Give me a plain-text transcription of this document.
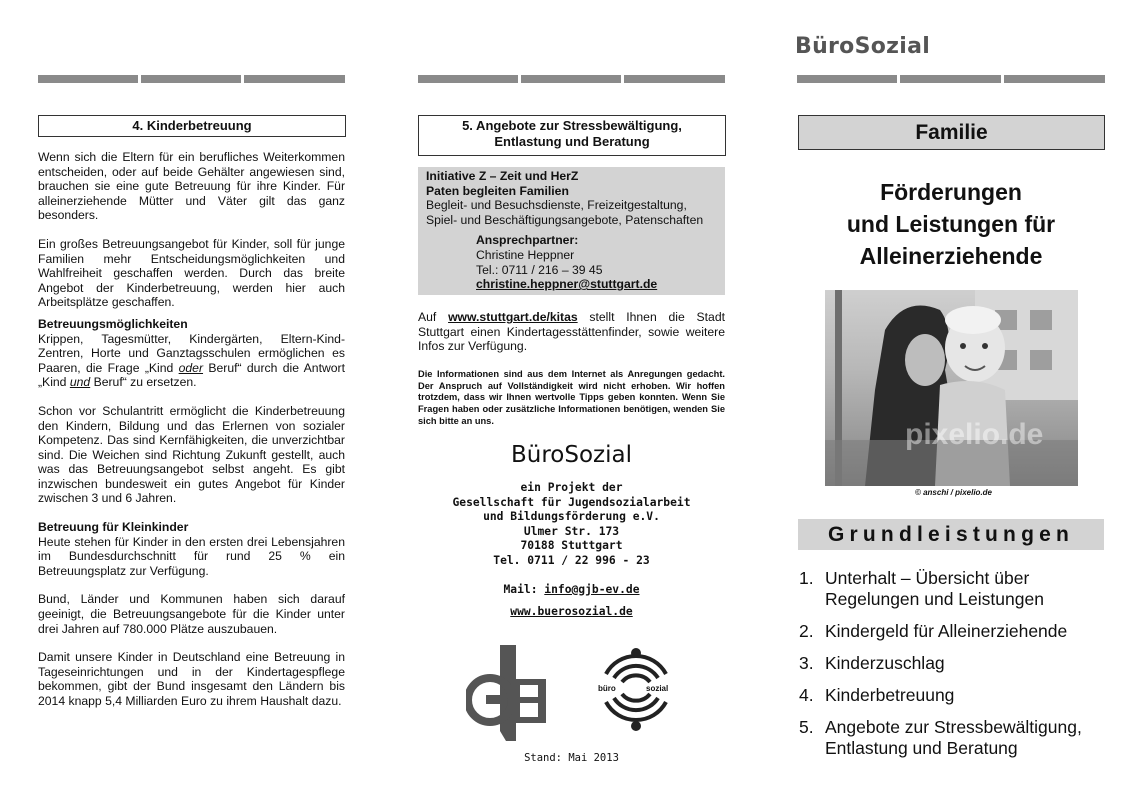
BüroSozial
4. Kinderbetreuung

Wenn sich die Eltern für ein berufliches Weiterkommen entscheiden, oder auf beide Gehälter angewiesen sind, brauchen sie eine gute Betreuung für ihre Kinder. Für alleinerziehende Mütter und Väter gilt das ganz besonders.

Ein großes Betreuungsangebot für Kinder, soll für junge Familien mehr Entscheidungsmöglichkeiten und Wahlfreiheit geschaffen werden. Durch das breite Angebot der Kinderbetreuung, werden hier auch Arbeitsplätze geschaffen.

Betreuungsmöglichkeiten

Krippen, Tagesmütter, Kindergärten, Eltern-Kind-Zentren, Horte und Ganztagsschulen ermöglichen es Paaren, die Frage „Kind oder Beruf“ durch die Antwort „Kind und Beruf“ zu ersetzen.

Schon vor Schulantritt ermöglicht die Kinderbetreuung den Kindern, Bildung und das Erlernen von sozialer Kompetenz. Das sind Kernfähigkeiten, die unverzichtbar sind. Die Weichen sind Richtung Zukunft gestellt, auch was das Betreuungsangebot selbst angeht. Es gibt inzwischen bundesweit ein gutes Angebot für Kinder zwischen 3 und 6 Jahren.

Betreuung für Kleinkinder

Heute stehen für Kinder in den ersten drei Lebensjahren im Bundesdurchschnitt für rund 25 % ein Betreuungsplatz zur Verfügung.

Bund, Länder und Kommunen haben sich darauf geeinigt, die Betreuungsangebote für die Kinder unter drei Jahren auf 780.000 Plätze auszubauen.

Damit unsere Kinder in Deutschland eine Betreuung in Tageseinrichtungen und in der Kindertagespflege bekommen, gibt der Bund insgesamt den Ländern bis 2014 knapp 5,4 Milliarden Euro zu ihrem Haushalt dazu.

5. Angebote zur Stressbewältigung,
Entlastung und Beratung
Initiative Z – Zeit und HerZ
Paten begleiten Familien
Begleit- und Besuchsdienste, Freizeitgestaltung, Spiel- und Beschäftigungsangebote, Patenschaften
Ansprechpartner:
Christine Heppner
Tel.: 0711 / 216 – 39 45
christine.heppner@stuttgart.de
Auf www.stuttgart.de/kitas stellt Ihnen die Stadt Stuttgart einen Kindertagesstättenfinder, sowie weitere Infos zur Verfügung.
Die Informationen sind aus dem Internet als Anregungen gedacht. Der Anspruch auf Vollständigkeit wird nicht erhoben. Wir hoffen trotzdem, dass wir Ihnen wertvolle Tipps geben konnten. Wenn Sie Fragen haben oder zusätzliche Informationen benötigen, wenden Sie sich bitte an uns.
BüroSozial
ein Projekt der
Gesellschaft für Jugendsozialarbeit
und Bildungsförderung e.V.
Ulmer Str. 173
70188 Stuttgart
Tel. 0711 / 22 996 - 23
Mail: info@gjb-ev.de
www.buerosozial.de
büro	sozial
Stand: Mai 2013
Familie
Förderungen
und Leistungen für
Alleinerziehende
pixelio.de
© anschi / pixelio.de
Grundleistungen
1. Unterhalt – Übersicht über
Regelungen und Leistungen
2. Kindergeld für Alleinerziehende
3. Kinderzuschlag
4. Kinderbetreuung
5. Angebote zur Stressbewältigung,
Entlastung und Beratung
